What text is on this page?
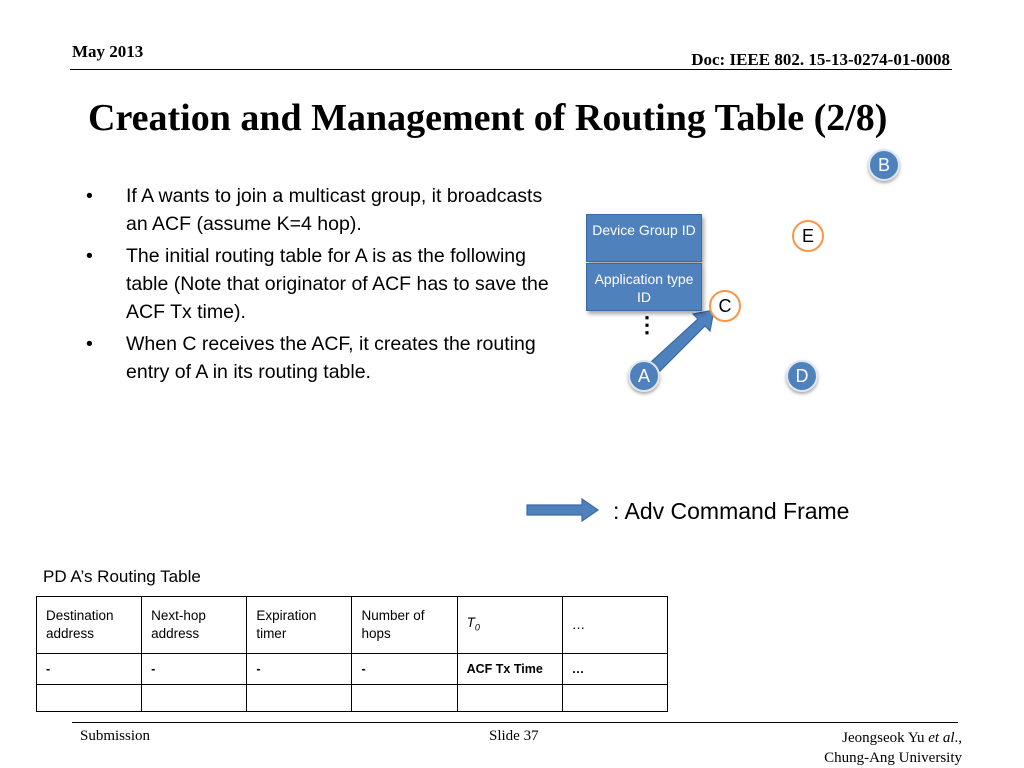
May 2013	Doc: IEEE 802. 15-13-0274-01-0008
Creation and Management of Routing Table (2/8)
• If A wants to join a multicast group, it broadcasts an ACF (assume K=4 hop).
• The initial routing table for A is as the following table (Note that originator of ACF has to save the ACF Tx time).
• When C receives the ACF, it creates the routing entry of A in its routing table.
Device Group ID
Application type ID
⋮
B
E
C
A	D
: Adv Command Frame
PD A’s Routing Table
Destination address	Next-hop address	Expiration timer	Number of hops	$T_0$	…
-	-	-	-	ACF Tx Time	…

Submission	Slide 37	Jeongseok Yu et al.,
Chung-Ang University
